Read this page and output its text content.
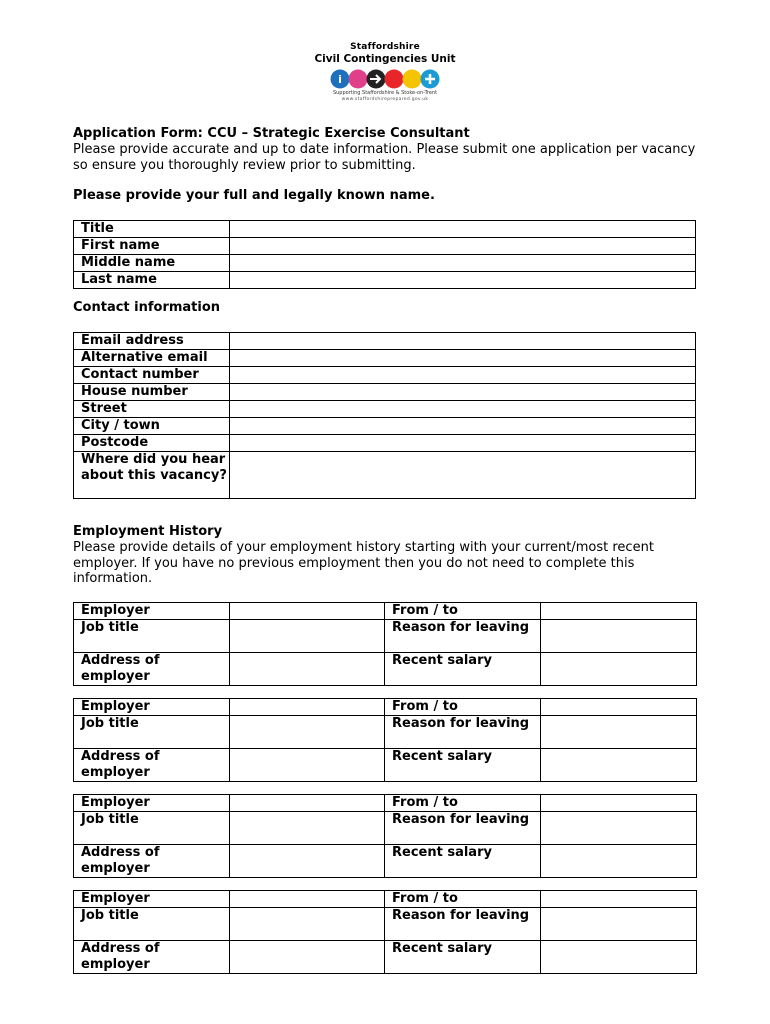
Staffordshire
Civil Contingencies Unit
i
Supporting Staffordshire & Stoke-on-Trent
www.staffordshireprepared.gov.uk
Application Form: CCU – Strategic Exercise Consultant
Please provide accurate and up to date information. Please submit one application per vacancy so ensure you thoroughly review prior to submitting.
Please provide your full and legally known name.
Title	
First name	
Middle name	
Last name	
Contact information
Email address	
Alternative email	
Contact number	
House number	
Street	
City / town	
Postcode	
Where did you hear about this vacancy?	
Employment History
Please provide details of your employment history starting with your current/most recent employer. If you have no previous employment then you do not need to complete this information.
Employer		From / to	
Job title		Reason for leaving	
Address of employer		Recent salary	
Employer		From / to	
Job title		Reason for leaving	
Address of employer		Recent salary	
Employer		From / to	
Job title		Reason for leaving	
Address of employer		Recent salary	
Employer		From / to	
Job title		Reason for leaving	
Address of employer		Recent salary	
